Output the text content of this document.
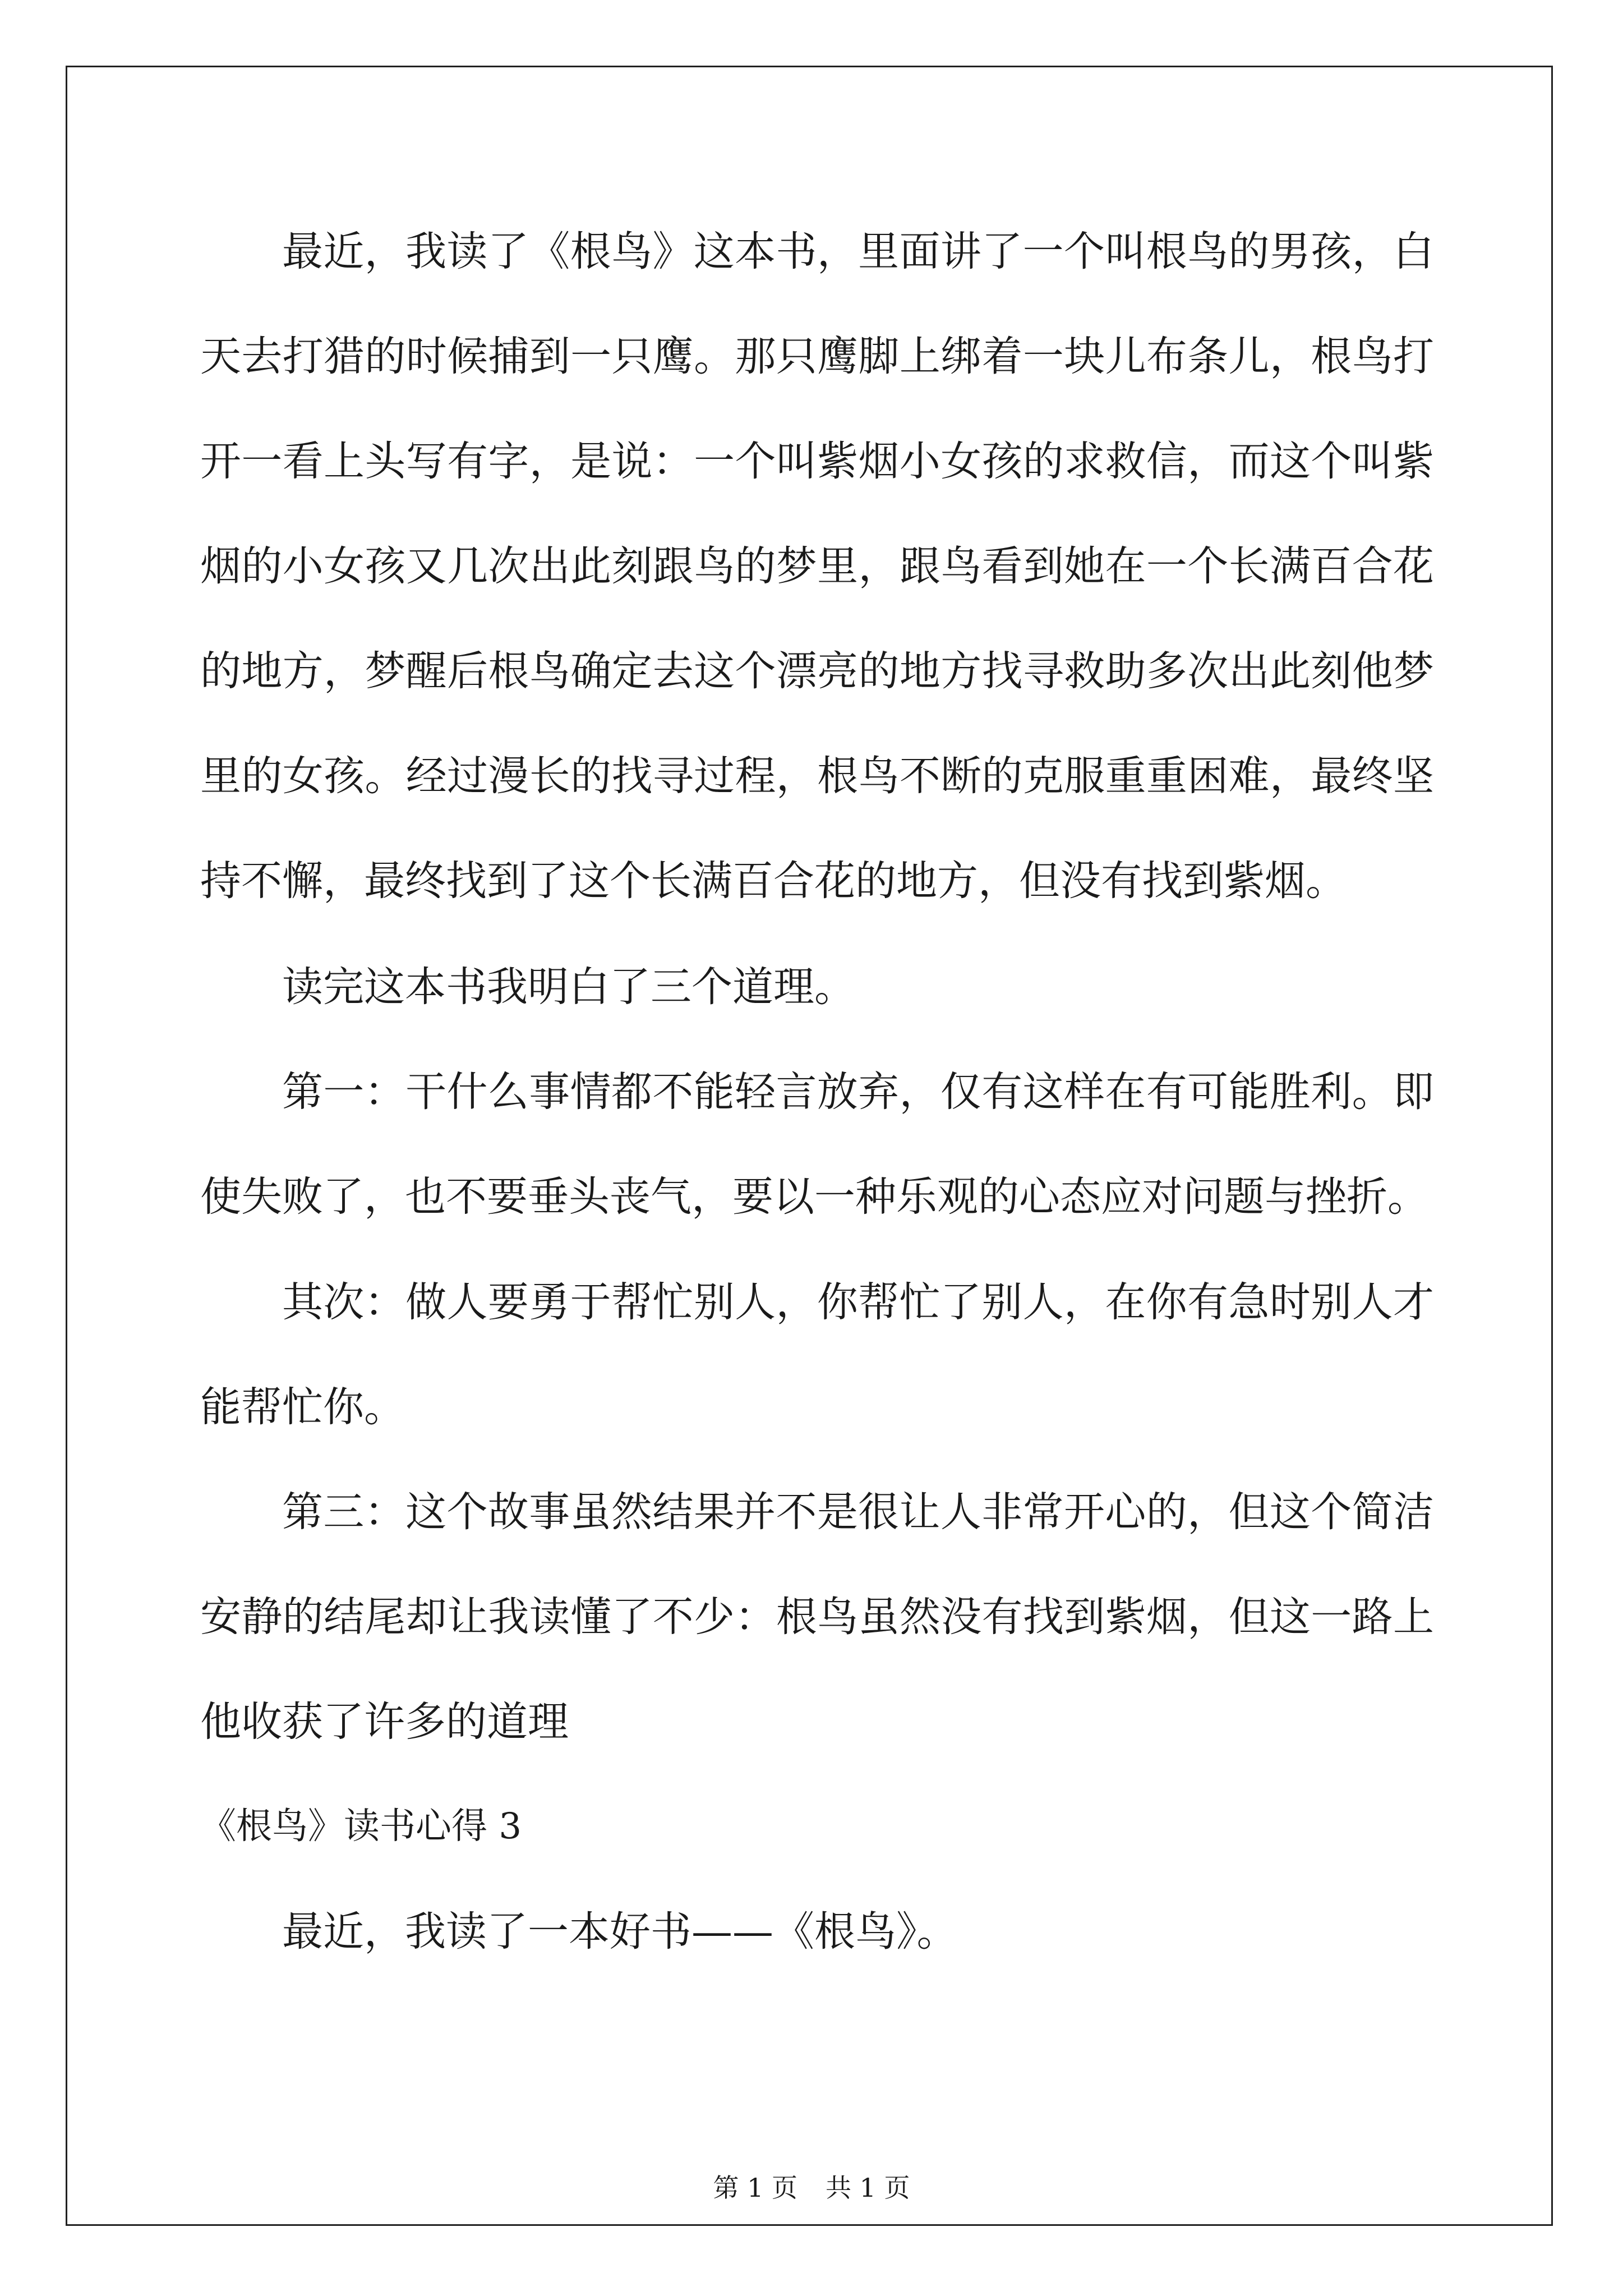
最近，我读了《根鸟》这本书，里面讲了一个叫根鸟的男孩，白天去打猎的时候捕到一只鹰。那只鹰脚上绑着一块儿布条儿，根鸟打开一看上头写有字，是说：一个叫紫烟小女孩的求救信，而这个叫紫烟的小女孩又几次出此刻跟鸟的梦里，跟鸟看到她在一个长满百合花的地方，梦醒后根鸟确定去这个漂亮的地方找寻救助多次出此刻他梦里的女孩。经过漫长的找寻过程，根鸟不断的克服重重困难，最终坚持不懈，最终找到了这个长满百合花的地方，但没有找到紫烟。

读完这本书我明白了三个道理。

第一：干什么事情都不能轻言放弃，仅有这样在有可能胜利。即使失败了，也不要垂头丧气，要以一种乐观的心态应对问题与挫折。

其次：做人要勇于帮忙别人，你帮忙了别人，在你有急时别人才能帮忙你。

第三：这个故事虽然结果并不是很让人非常开心的，但这个简洁安静的结尾却让我读懂了不少：根鸟虽然没有找到紫烟，但这一路上他收获了许多的道理

《根鸟》读书心得 3

最近，我读了一本好书——《根鸟》。

第 1 页 共 1 页
